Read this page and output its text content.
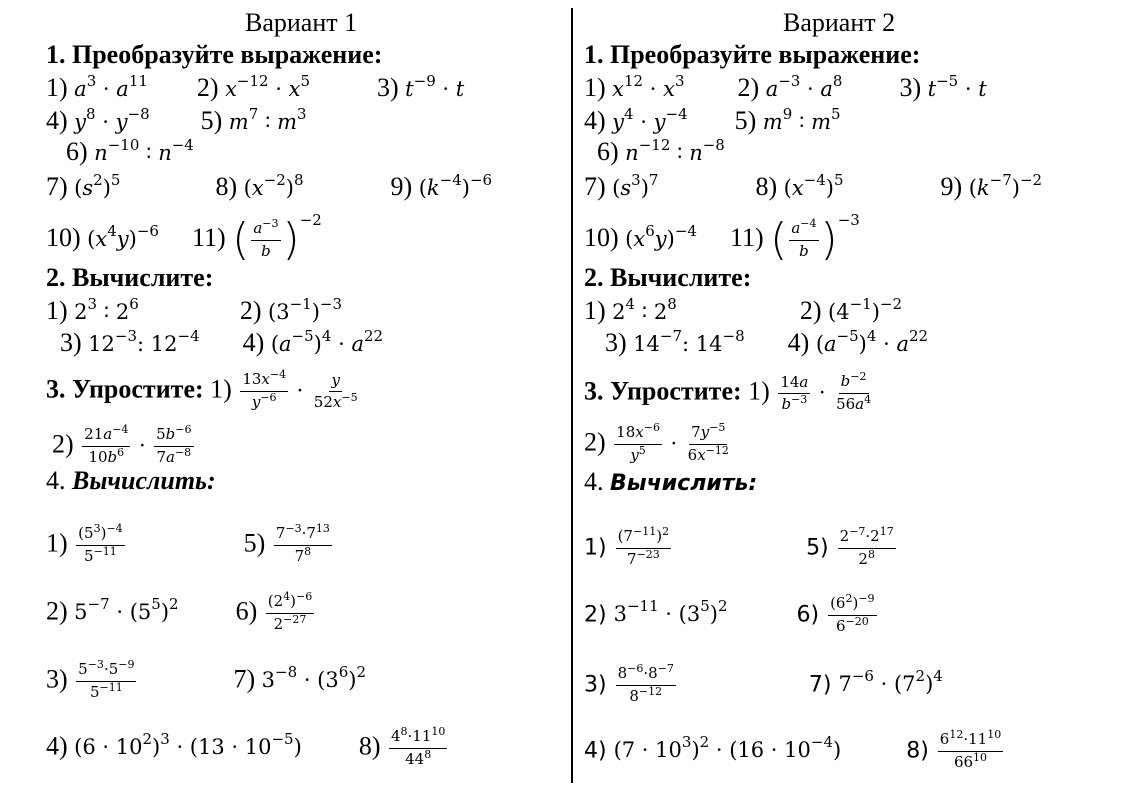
Вариант 1
1. Преобразуйте выражение:
1) $a^3 \cdot a^{11}$ 2) $x^{-12} \cdot x^5$	3) $t^{-9} \cdot t$
4) $y^8 \cdot y^{-8}$ 5) $m^7$ ∶ $m^3$
6) $n^{-10}$ ∶ $n^{-4}$
7) $(s^2)^5$	8) $(x^{-2})^8$	9) $(k^{-4})^{-6}$
10) $(x^4y)^{-6}$ 11) ( $\frac{a^{-3}}{b}$ ) −2
2. Вычислите:
1) $2^3$ ∶ $2^6$	2) $(3^{-1})^{-3}$
3) $12^{-3}$: $12^{-4}$ 4) $(a^{-5})^4 \cdot a^{22}$
3. Упростите: $1) \frac{13x^{-4}}{y^{-6}} \cdot \frac{y}{52x^{-5}}$
$2) \frac{21a^{-4}}{10b^6} \cdot \frac{5b^{-6}}{7a^{-8}}$
4. Вычислить:
$1) \frac{(5^3)^{-4}}{5^{-11}}$	$5) \frac{7^{-3}\cdot 7^{13}}{7^8}$
2) $5^{-7} \cdot (5^5)^2$ $6) \frac{(2^4)^{-6}}{2^{-27}}$
$3) \frac{5^{-3}\cdot 5^{-9}}{5^{-11}}$	7) $3^{-8} \cdot (3^6)^2$
4) $(6 \cdot 10^2)^3 \cdot (13 \cdot 10^{-5})$ $8) \frac{4^8\cdot 11^{10}}{44^8}$
Вариант 2
1. Преобразуйте выражение:
1) $x^{12} \cdot x^3$ 2) $a^{-3} \cdot a^8$ 3) $t^{-5} \cdot t$
4) $y^4 \cdot y^{-4}$ 5) $m^9$ ∶ $m^5$
6) $n^{-12}$ ∶ $n^{-8}$
7) $(s^3)^7$	8) $(x^{-4})^5$	9) $(k^{-7})^{-2}$
10) $(x^6y)^{-4}$ 11) ( $\frac{a^{-4}}{b}$ ) −3
2. Вычислите:
1) $2^4$ ∶ $2^8$	2) $(4^{-1})^{-2}$
3) $14^{-7}$: $14^{-8}$ 4) $(a^{-5})^4 \cdot a^{22}$
3. Упростите: $1) \frac{14a}{b^{-3}} \cdot \frac{b^{-2}}{56a^4}$
$2) \frac{18x^{-6}}{y^5} \cdot \frac{7y^{-5}}{6x^{-12}}$
4. Вычислить:
$1) \frac{(7^{-11})^2}{7^{-23}}$	$5) \frac{2^{-7}\cdot 2^{17}}{2^8}$
2) $3^{-11} \cdot (3^5)^2$	$6) \frac{(6^2)^{-9}}{6^{-20}}$
$3) \frac{8^{-6}\cdot 8^{-7}}{8^{-12}}$	7) $7^{-6} \cdot (7^2)^4$
4) $(7 \cdot 10^3)^2 \cdot (16 \cdot 10^{-4})$	$8) \frac{6^{12}\cdot 11^{10}}{66^{10}}$
